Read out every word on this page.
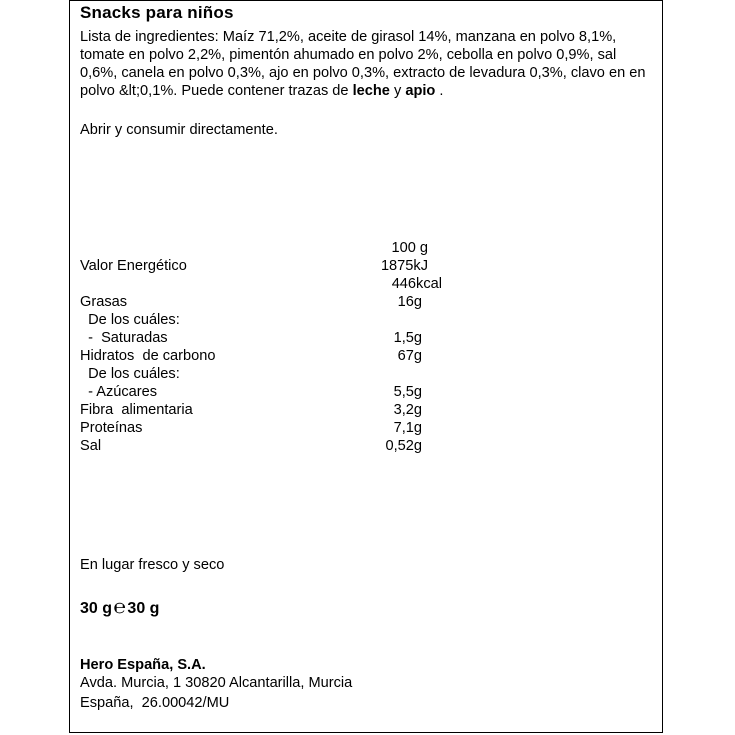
Snacks para niños
Lista de ingredientes: Maíz 71,2%, aceite de girasol 14%, manzana en polvo 8,1%, tomate en polvo 2,2%, pimentón ahumado en polvo 2%, cebolla en polvo 0,9%, sal 0,6%, canela en polvo 0,3%, ajo en polvo 0,3%, extracto de levadura 0,3%, clavo en en polvo &lt;0,1%. Puede contener trazas de leche y apio .
Abrir y consumir directamente.
100 g
Valor Energético	1875kJ
446kcal
Grasas	16g
De los cuáles:
-  Saturadas	1,5g
Hidratos  de carbono	67g
De los cuáles:
- Azúcares	5,5g
Fibra  alimentaria	3,2g
Proteínas	7,1g
Sal	0,52g
En lugar fresco y seco
30 g℮30 g
Hero España, S.A.
Avda. Murcia, 1 30820 Alcantarilla, Murcia
España,  26.00042/MU
